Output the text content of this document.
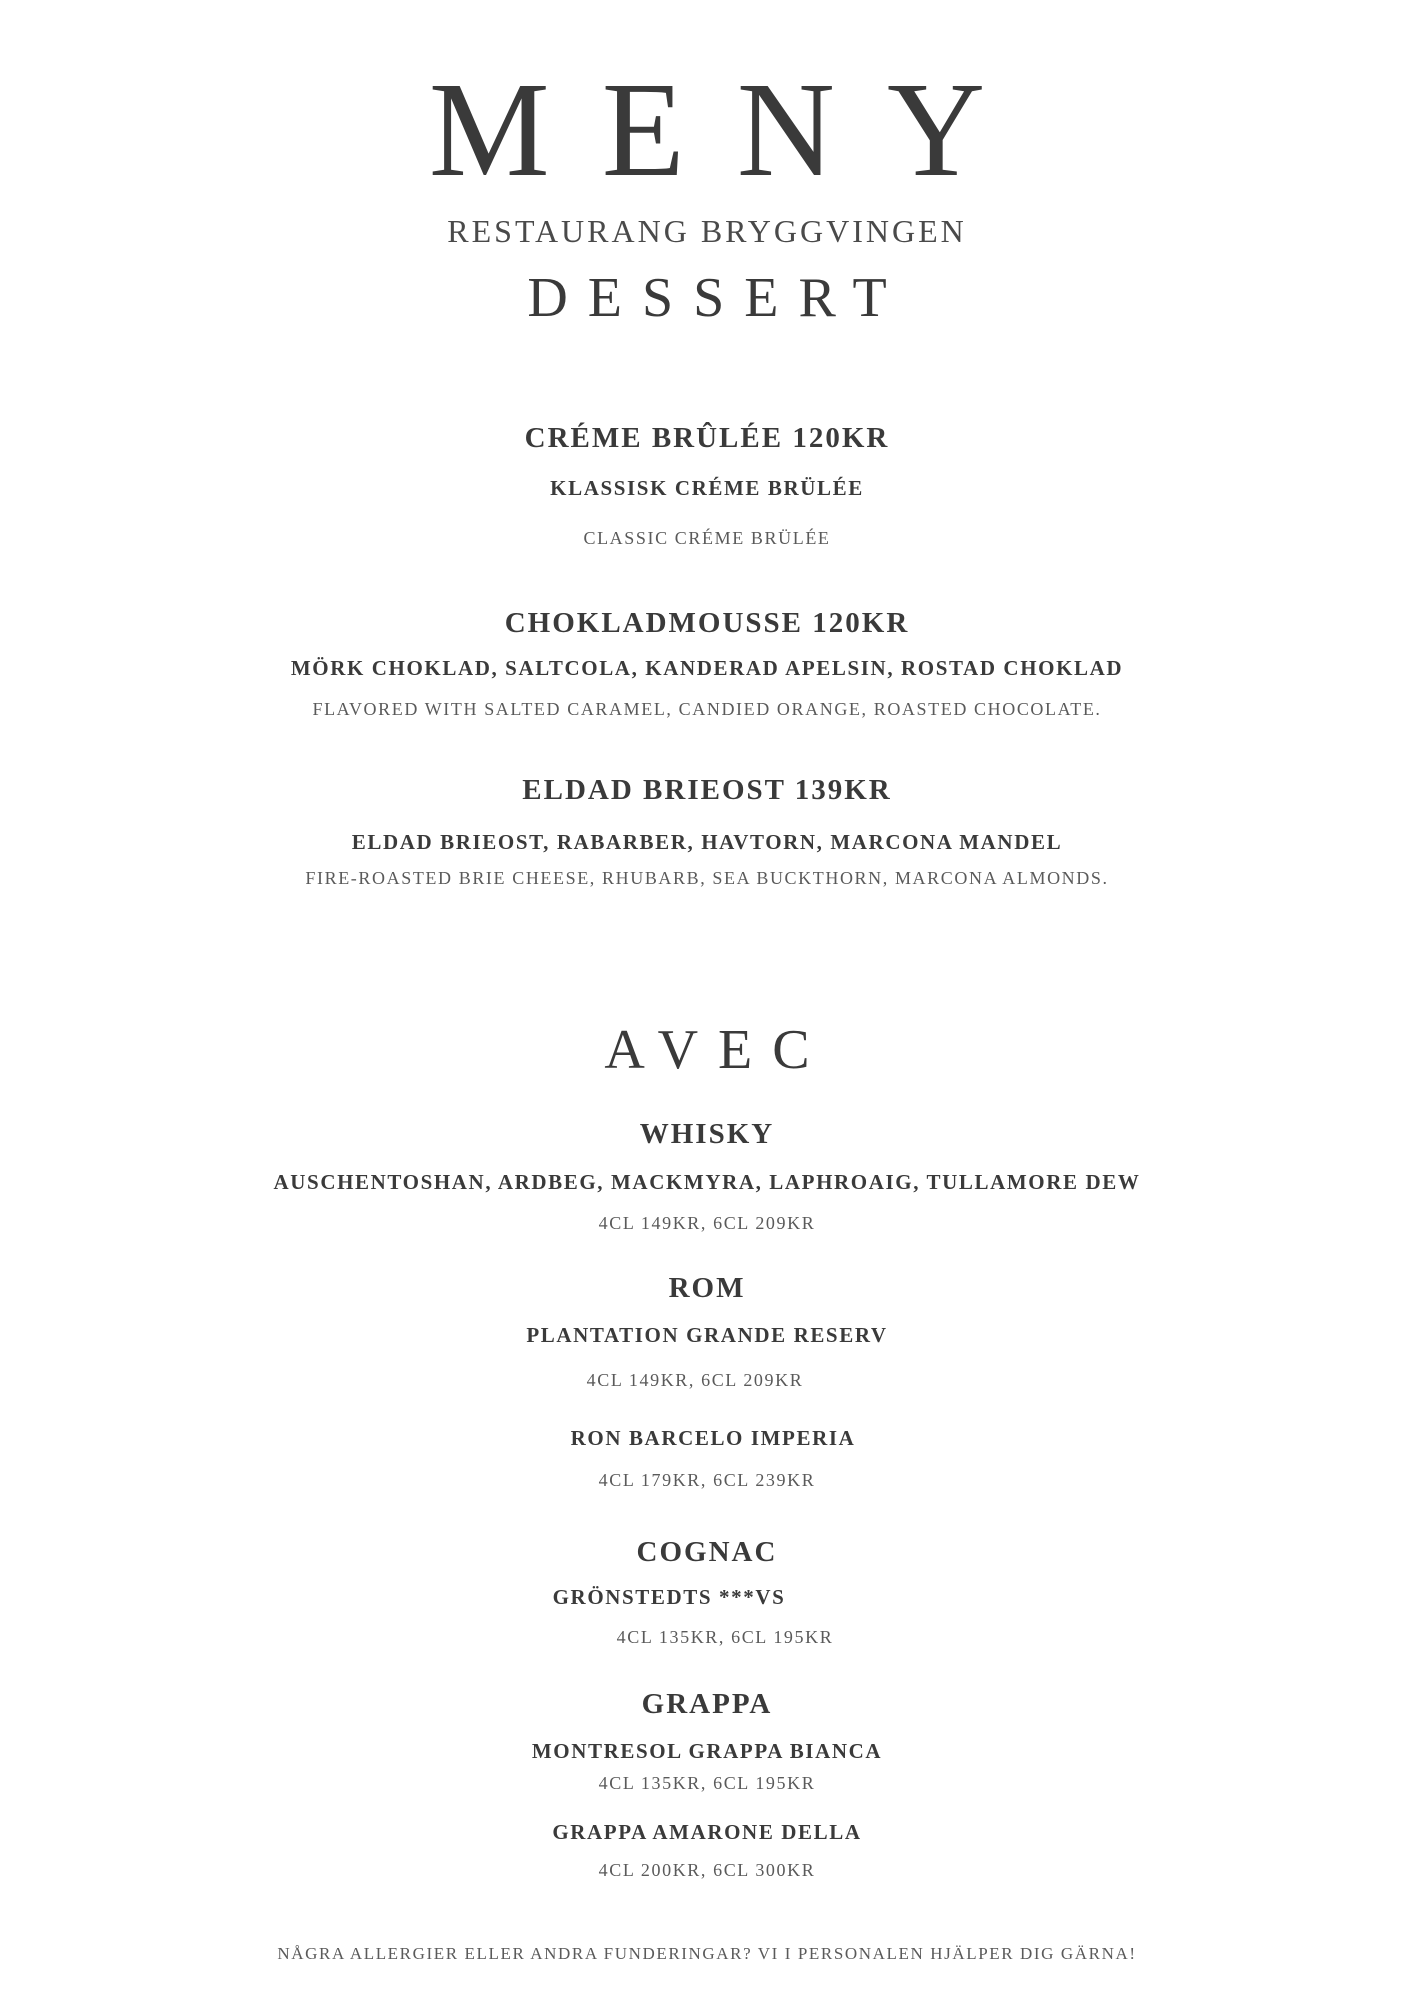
MENY
RESTAURANG BRYGGVINGEN
DESSERT
CRÉME BRÛLÉE 120KR
KLASSISK CRÉME BRÜLÉE
CLASSIC CRÉME BRÜLÉE
CHOKLADMOUSSE 120KR
MÖRK CHOKLAD, SALTCOLA, KANDERAD APELSIN, ROSTAD CHOKLAD
FLAVORED WITH SALTED CARAMEL, CANDIED ORANGE, ROASTED CHOCOLATE.
ELDAD BRIEOST 139KR
ELDAD BRIEOST, RABARBER, HAVTORN, MARCONA MANDEL
FIRE-ROASTED BRIE CHEESE, RHUBARB, SEA BUCKTHORN, MARCONA ALMONDS.
AVEC
WHISKY
AUSCHENTOSHAN, ARDBEG, MACKMYRA, LAPHROAIG, TULLAMORE DEW
4CL 149KR, 6CL 209KR
ROM
PLANTATION GRANDE RESERV
4CL 149KR, 6CL 209KR
RON BARCELO IMPERIA
4CL 179KR, 6CL 239KR
COGNAC
GRÖNSTEDTS ***VS
4CL 135KR, 6CL 195KR
GRAPPA
MONTRESOL GRAPPA BIANCA
4CL 135KR, 6CL 195KR
GRAPPA AMARONE DELLA
4CL 200KR, 6CL 300KR
NÅGRA ALLERGIER ELLER ANDRA FUNDERINGAR? VI I PERSONALEN HJÄLPER DIG GÄRNA!
